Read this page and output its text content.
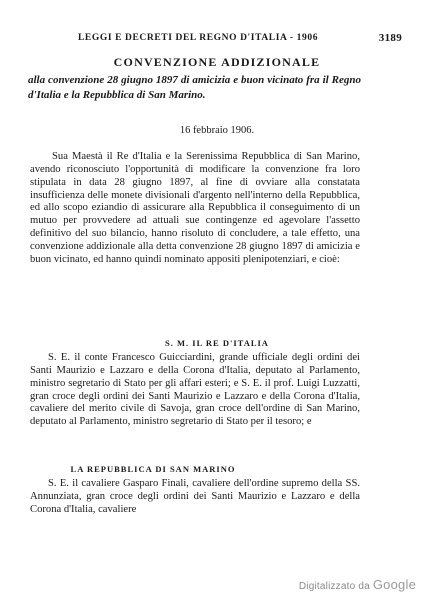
LEGGI E DECRETI DEL REGNO D'ITALIA - 1906	3189
CONVENZIONE ADDIZIONALE
alla convenzione 28 giugno 1897 di amicizia e buon vicinato fra il Regno d'Italia e la Repubblica di San Marino.
16 febbraio 1906.

Sua Maestà il Re d'Italia e la Serenissima Repubblica di San Marino, avendo riconosciuto l'opportunità di modificare la convenzione fra loro stipulata in data 28 giugno 1897, al fine di ovviare alla constatata insufficienza delle monete divisionali d'argento nell'interno della Repubblica, ed allo scopo eziandio di assicurare alla Repubblica il conseguimento di un mutuo per provvedere ad attuali sue contingenze ed agevolare l'assetto definitivo del suo bilancio, hanno risoluto di concludere, a tale effetto, una convenzione addizionale alla detta convenzione 28 giugno 1897 di amicizia e buon vicinato, ed hanno quindi nominato appositi plenipotenziari, e cioè:

S. M. IL RE D'ITALIA

S. E. il conte Francesco Guicciardini, grande ufficiale degli ordini dei Santi Maurizio e Lazzaro e della Corona d'Italia, deputato al Parlamento, ministro segretario di Stato per gli affari esteri; e S. E. il prof. Luigi Luzzatti, gran croce degli ordini dei Santi Maurizio e Lazzaro e della Corona d'Italia, cavaliere del merito civile di Savoja, gran croce dell'ordine di San Marino, deputato al Parlamento, ministro segretario di Stato per il tesoro; e

LA REPUBBLICA DI SAN MARINO

S. E. il cavaliere Gasparo Finali, cavaliere dell'ordine supremo della SS. Annunziata, gran croce degli ordini dei Santi Maurizio e Lazzaro e della Corona d'Italia, cavaliere

Digitalizzato da Google
